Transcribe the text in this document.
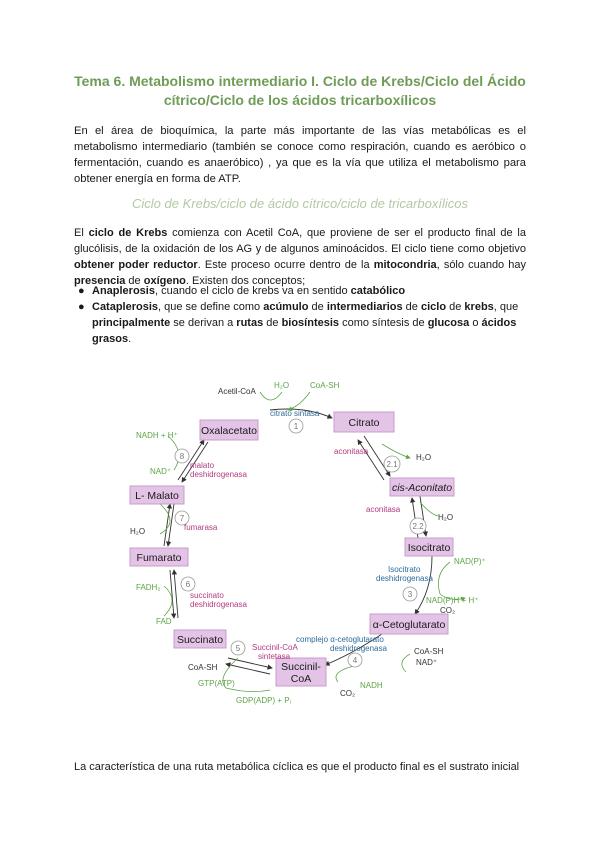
Tema 6. Metabolismo intermediario I. Ciclo de Krebs/Ciclo del Ácido
cítrico/Ciclo de los ácidos tricarboxílicos

En el área de bioquímica, la parte más importante de las vías metabólicas es el metabolismo intermediario (también se conoce como respiración, cuando es aeróbico o fermentación, cuando es anaeróbico) , ya que es la vía que utiliza el metabolismo para obtener energía en forma de ATP.

Ciclo de Krebs/ciclo de ácido cítrico/ciclo de tricarboxílicos

El ciclo de Krebs comienza con Acetil CoA, que proviene de ser el producto final de la glucólisis, de la oxidación de los AG y de algunos aminoácidos. El ciclo tiene como objetivo obtener poder reductor. Este proceso ocurre dentro de la mitocondria, sólo cuando hay presencia de oxígeno. Existen dos conceptos;

● Anaplerosis, cuando el ciclo de krebs va en sentido catabólico
● Cataplerosis, que se define como acúmulo de intermediarios de ciclo de krebs, que principalmente se derivan a rutas de biosíntesis como síntesis de glucosa o ácidos grasos.
Citrato
cis-Aconitato
Isocitrato
α-Cetoglutarato
Succinil-
CoA
Succinato
Fumarato
L- Malato
Oxalacetato
Acetil-CoA
H₂O	CoA-SH
citrato sintasa
1
2.1
2.2
3
4
5
6
7
8
aconitasa
H₂O
aconitasa
H₂O
Isocitrato
deshidrogenasa
NAD(P)⁺
NAD(P)H + H⁺
CO₂
complejo α-cetoglutarato
deshidrogenasa	CoA-SH
NAD⁺
NADH
CO₂
Succinil-CoA
sintetasa
CoA-SH
GTP(ATP)
GDP(ADP) + Pᵢ
succinato
deshidrogenasa
FADH₂
FAD
fumarasa
H₂O
malato
deshidrogenasa
NADH + H⁺
NAD⁺

La característica de una ruta metabólica cíclica es que el producto final es el sustrato inicial
